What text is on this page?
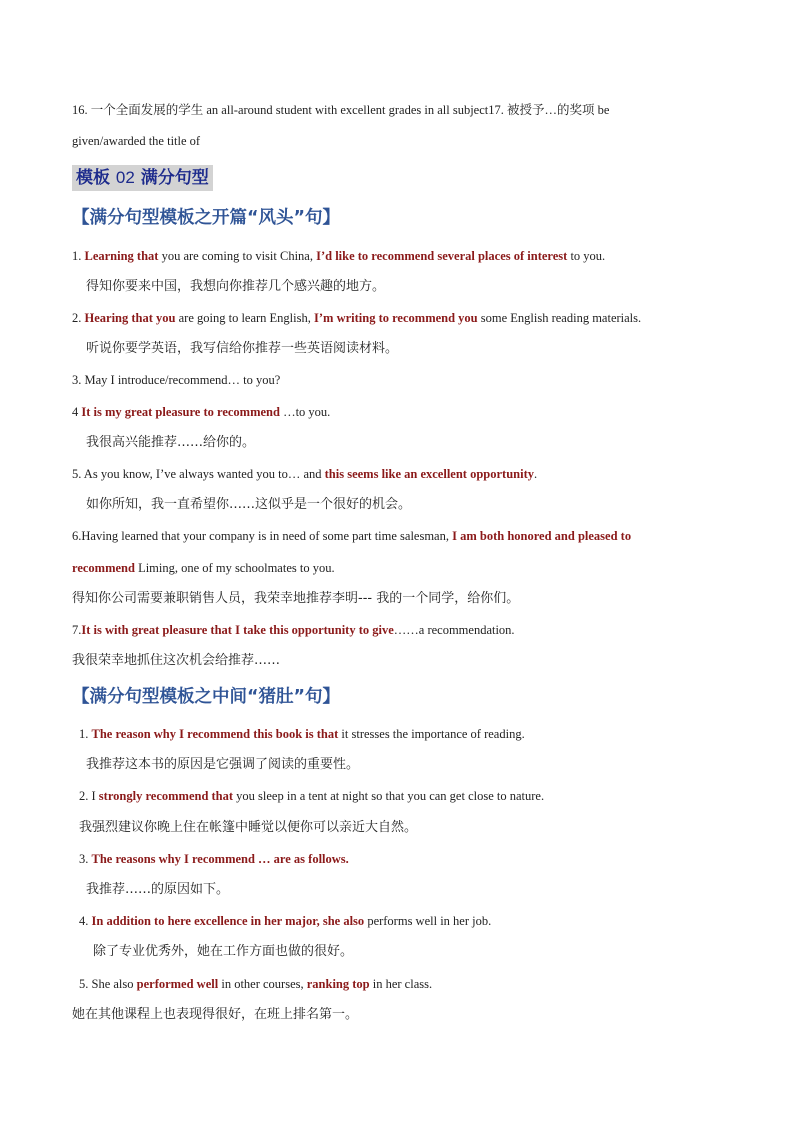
16. 一个全面发展的学生 an all-around student with excellent grades in all subject17. 被授予…的奖项 be
given/awarded the title of
模板 02 满分句型
【满分句型模板之开篇“风头”句】
1. Learning that you are coming to visit China, I’d like to recommend several places of interest to you.
得知你要来中国，我想向你推荐几个感兴趣的地方。
2. Hearing that you are going to learn English, I’m writing to recommend you some English reading materials.
听说你要学英语，我写信给你推荐一些英语阅读材料。
3. May I introduce/recommend… to you?
4 It is my great pleasure to recommend …to you.
我很高兴能推荐……给你的。
5. As you know, I’ve always wanted you to… and this seems like an excellent opportunity.
如你所知，我一直希望你……这似乎是一个很好的机会。
6.Having learned that your company is in need of some part time salesman, I am both honored and pleased to
recommend Liming, one of my schoolmates to you.
得知你公司需要兼职销售人员，我荣幸地推荐李明--- 我的一个同学，给你们。
7.It is with great pleasure that I take this opportunity to give……a recommendation.
我很荣幸地抓住这次机会给推荐……
【满分句型模板之中间“猪肚”句】
1. The reason why I recommend this book is that it stresses the importance of reading.
我推荐这本书的原因是它强调了阅读的重要性。
2. I strongly recommend that you sleep in a tent at night so that you can get close to nature.
我强烈建议你晚上住在帐篷中睡觉以便你可以亲近大自然。
3. The reasons why I recommend … are as follows.
我推荐……的原因如下。
4. In addition to here excellence in her major, she also performs well in her job.
除了专业优秀外，她在工作方面也做的很好。
5. She also performed well in other courses, ranking top in her class.
她在其他课程上也表现得很好，在班上排名第一。
